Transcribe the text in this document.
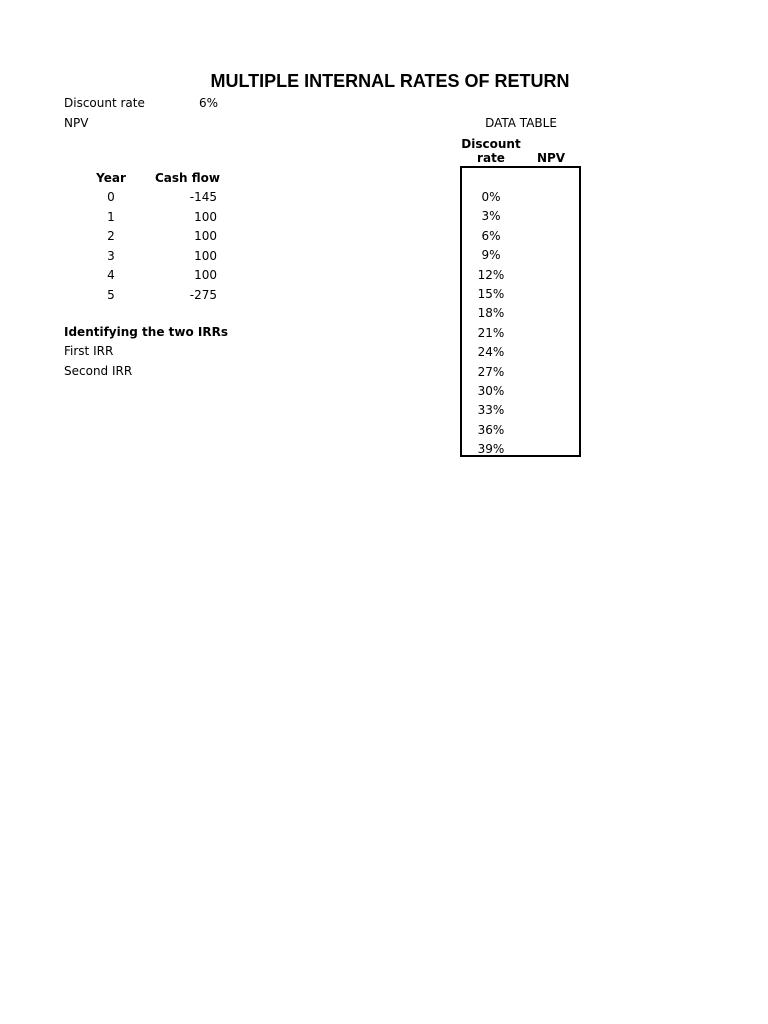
MULTIPLE INTERNAL RATES OF RETURN
Discount rate	6%
NPV
Year	Cash flow
0	-145
1	100
2	100
3	100
4	100
5	-275
Identifying the two IRRs
First IRR
Second IRR
DATA TABLE
Discount
rate	NPV
0%
3%
6%
9%
12%
15%
18%
21%
24%
27%
30%
33%
36%
39%
